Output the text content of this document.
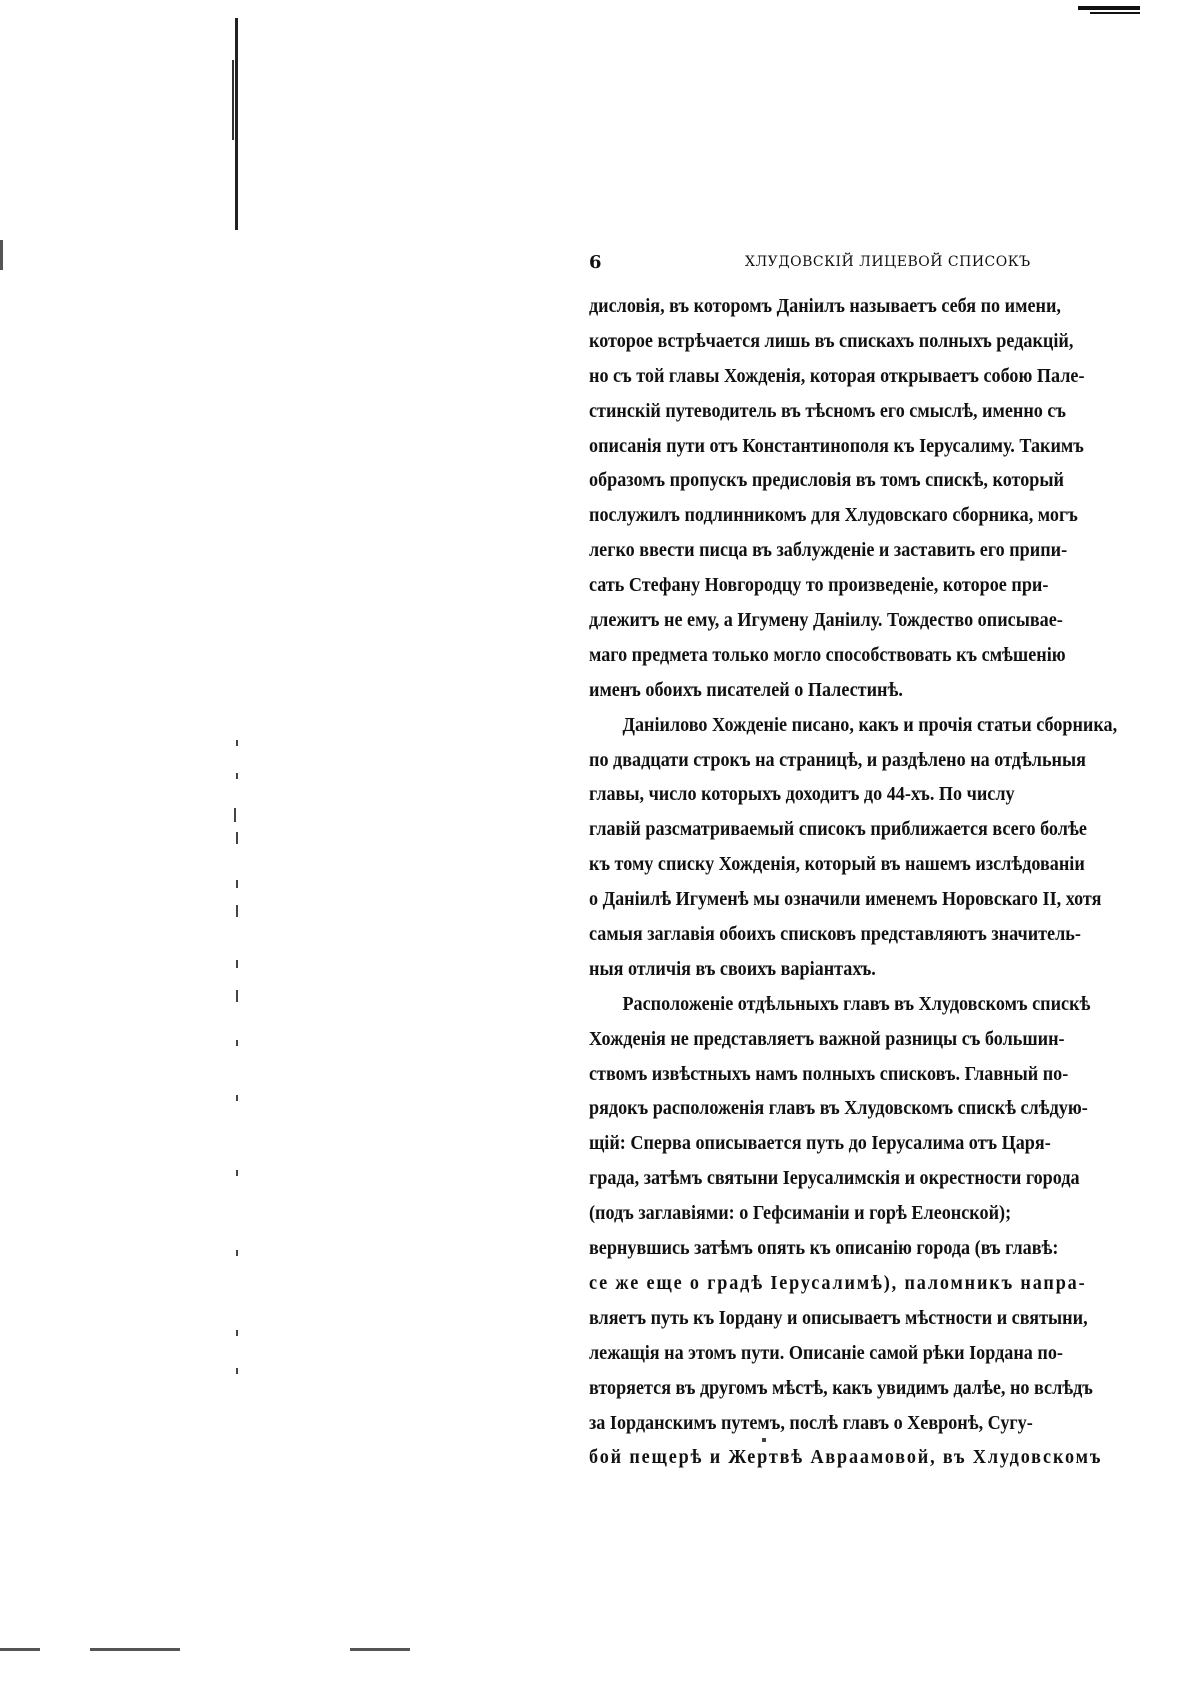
6	ХЛУДОВСКІЙ ЛИЦЕВОЙ СПИСОКЪ
дисловія, въ которомъ Даніилъ называетъ себя по имени,
которое встрѣчается лишь въ спискахъ полныхъ редакцій,
но съ той главы Хожденія, которая открываетъ собою Пале-
стинскій путеводитель въ тѣсномъ его смыслѣ, именно съ
описанія пути отъ Константинополя къ Іерусалиму. Такимъ
образомъ пропускъ предисловія въ томъ спискѣ, который
послужилъ подлинникомъ для Хлудовскаго сборника, могъ
легко ввести писца въ заблужденіе и заставить его припи-
сать Стефану Новгородцу то произведеніе, которое при-
длежитъ не ему, а Игумену Даніилу. Тождество описывае-
маго предмета только могло способствовать къ смѣшенію
именъ обоихъ писателей о Палестинѣ.
Даніилово Хожденіе писано, какъ и прочія статьи сборника,
по двадцати строкъ на страницѣ, и раздѣлено на отдѣльныя
главы, число которыхъ доходитъ до 44-хъ. По числу
главій разсматриваемый списокъ приближается всего болѣе
къ тому списку Хожденія, который въ нашемъ изслѣдованіи
о Даніилѣ Игуменѣ мы означили именемъ Норовскаго II, хотя
самыя заглавія обоихъ списковъ представляютъ значитель-
ныя отличія въ своихъ варіантахъ.
Расположеніе отдѣльныхъ главъ въ Хлудовскомъ спискѣ
Хожденія не представляетъ важной разницы съ большин-
ствомъ извѣстныхъ намъ полныхъ списковъ. Главный по-
рядокъ расположенія главъ въ Хлудовскомъ спискѣ слѣдую-
щій: Сперва описывается путь до Іерусалима отъ Царя-
града, затѣмъ святыни Іерусалимскія и окрестности города
(подъ заглавіями: о Гефсиманіи и горѣ Елеонской);
вернувшись затѣмъ опять къ описанію города (въ главѣ:
се же еще о градѣ Іерусалимѣ), паломникъ напра-
вляетъ путь къ Іордану и описываетъ мѣстности и святыни,
лежащія на этомъ пути. Описаніе самой рѣки Іордана по-
вторяется въ другомъ мѣстѣ, какъ увидимъ далѣе, но вслѣдъ
за Іорданскимъ путемъ, послѣ главъ о Хевронѣ, Сугу-
бой пещерѣ и Жертвѣ Авраамовой, въ Хлудовскомъ
